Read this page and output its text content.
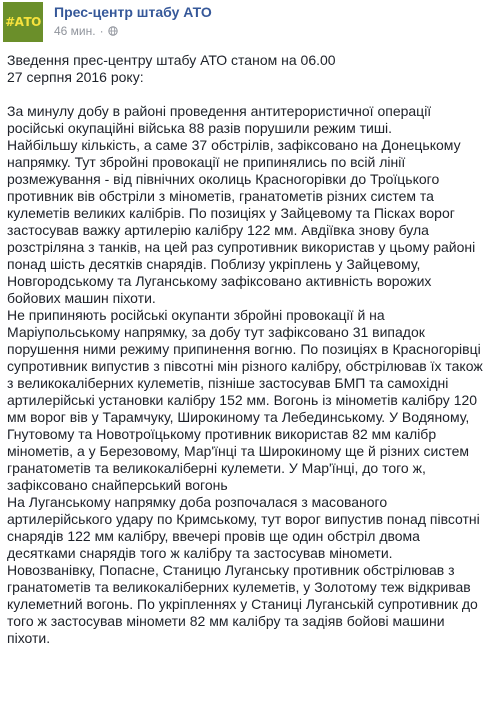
#АТО
Прес-центр штабу АТО
46 мин. ·

Зведення прес-центру штабу АТО станом на 06.00

27 серпня 2016 року:

За минулу добу в районі проведення антитерористичної операції
російські окупаційні війська 88 разів порушили режим тиші.
Найбільшу кількість, а саме 37 обстрілів, зафіксовано на Донецькому
напрямку. Тут збройні провокації не припинялись по всій лінії
розмежування - від північних околиць Красногорівки до Троїцького
противник вів обстріли з мінометів, гранатометів різних систем та
кулеметів великих калібрів. По позиціях у Зайцевому та Пісках ворог
застосував важку артилерію калібру 122 мм. Авдіївка знову була
розстріляна з танків, на цей раз супротивник використав у цьому районі
понад шість десятків снарядів. Поблизу укріплень у Зайцевому,
Новгородському та Луганському зафіксовано активність ворожих
бойових машин піхоти.

Не припиняють російські окупанти збройні провокації й на
Маріупольському напрямку, за добу тут зафіксовано 31 випадок
порушення ними режиму припинення вогню. По позиціях в Красногорівці
супротивник випустив з півсотні мін різного калібру, обстрілював їх також
з великокаліберних кулеметів, пізніше застосував БМП та самохідні
артилерійські установки калібру 152 мм. Вогонь із мінометів калібру 120
мм ворог вів у Тарамчуку, Широкиному та Лебединському. У Водяному,
Гнутовому та Новотроїцькому противник використав 82 мм калібр
мінометів, а у Березовому, Мар'їнці та Широкиному ще й різних систем
гранатометів та великокаліберні кулемети. У Мар'їнці, до того ж,
зафіксовано снайперський вогонь

На Луганському напрямку доба розпочалася з масованого
артилерійського удару по Кримському, тут ворог випустив понад півсотні
снарядів 122 мм калібру, ввечері провів ще один обстріл двома
десятками снарядів того ж калібру та застосував міномети.
Новозванівку, Попасне, Станицю Луганську противник обстрілював з
гранатометів та великокаліберних кулеметів, у Золотому теж відкривав
кулеметний вогонь. По укріпленнях у Станиці Луганській супротивник до
того ж застосував міномети 82 мм калібру та задіяв бойові машини
піхоти.
